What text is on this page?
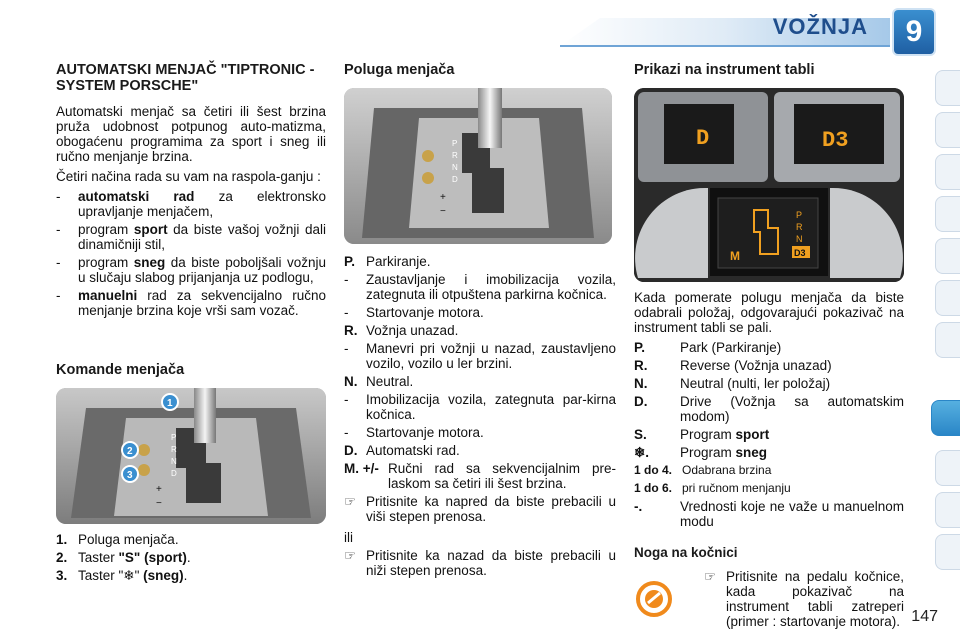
VOŽNJA	9
AUTOMATSKI MENJAČ "TIPTRONIC - SYSTEM PORSCHE"

Automatski menjač sa četiri ili šest brzina pruža udobnost potpunog auto-matizma, obogaćenu programima za sport i sneg ili ručno menjanje brzina.

Četiri načina rada su vam na raspola-ganju :

-	automatski rad za elektronsko upravljanje menjačem,
-	program sport da biste vašoj vožnji dali dinamičniji stil,
-	program sneg da biste poboljšali vožnju u slučaju slabog prijanjanja uz podlogu,
-	manuelni rad za sekvencijalno ručno menjanje brzina koje vrši sam vozač.
Komande menjača
P
R
N
D
+
−
1
2
3
1. Poluga menjača.
2. Taster "S" (sport).
3. Taster "❄" (sneg).
Poluga menjača
P
R
N
D
+
−
P. Parkiranje.
-	Zaustavljanje i imobilizacija vozila, zategnuta ili otpuštena parkirna kočnica.
-	Startovanje motora.
R. Vožnja unazad.
-	Manevri pri vožnji u nazad, zaustavljeno vozilo, vozilo u ler brzini.
N. Neutral.
-	Imobilizacija vozila, zategnuta par-kirna kočnica.
-	Startovanje motora.
D. Automatski rad.
M. +/- Ručni rad sa sekvencijalnim pre-laskom sa četiri ili šest brzina.
☞ Pritisnite ka napred da biste prebacili u viši stepen prenosa.

ili

☞ Pritisnite ka nazad da biste prebacili u niži stepen prenosa.
Prikazi na instrument tabli
D	D3
M
P
R
N
D3

Kada pomerate polugu menjača da biste odabrali položaj, odgovarajući pokazivač na instrument tabli se pali.

P.	Park (Parkiranje)
R.	Reverse (Vožnja unazad)
N.	Neutral (nulti, ler položaj)
D.	Drive (Vožnja sa automatskim modom)
S.	Program sport
❄.	Program sneg
1 do 4. Odabrana brzina
1 do 6. pri ručnom menjanju
-.	Vrednosti koje ne važe u manuelnom modu
Noga na kočnici
☞ Pritisnite na pedalu kočnice, kada pokazivač na instrument tabli zatreperi (primer : startovanje motora). 147
